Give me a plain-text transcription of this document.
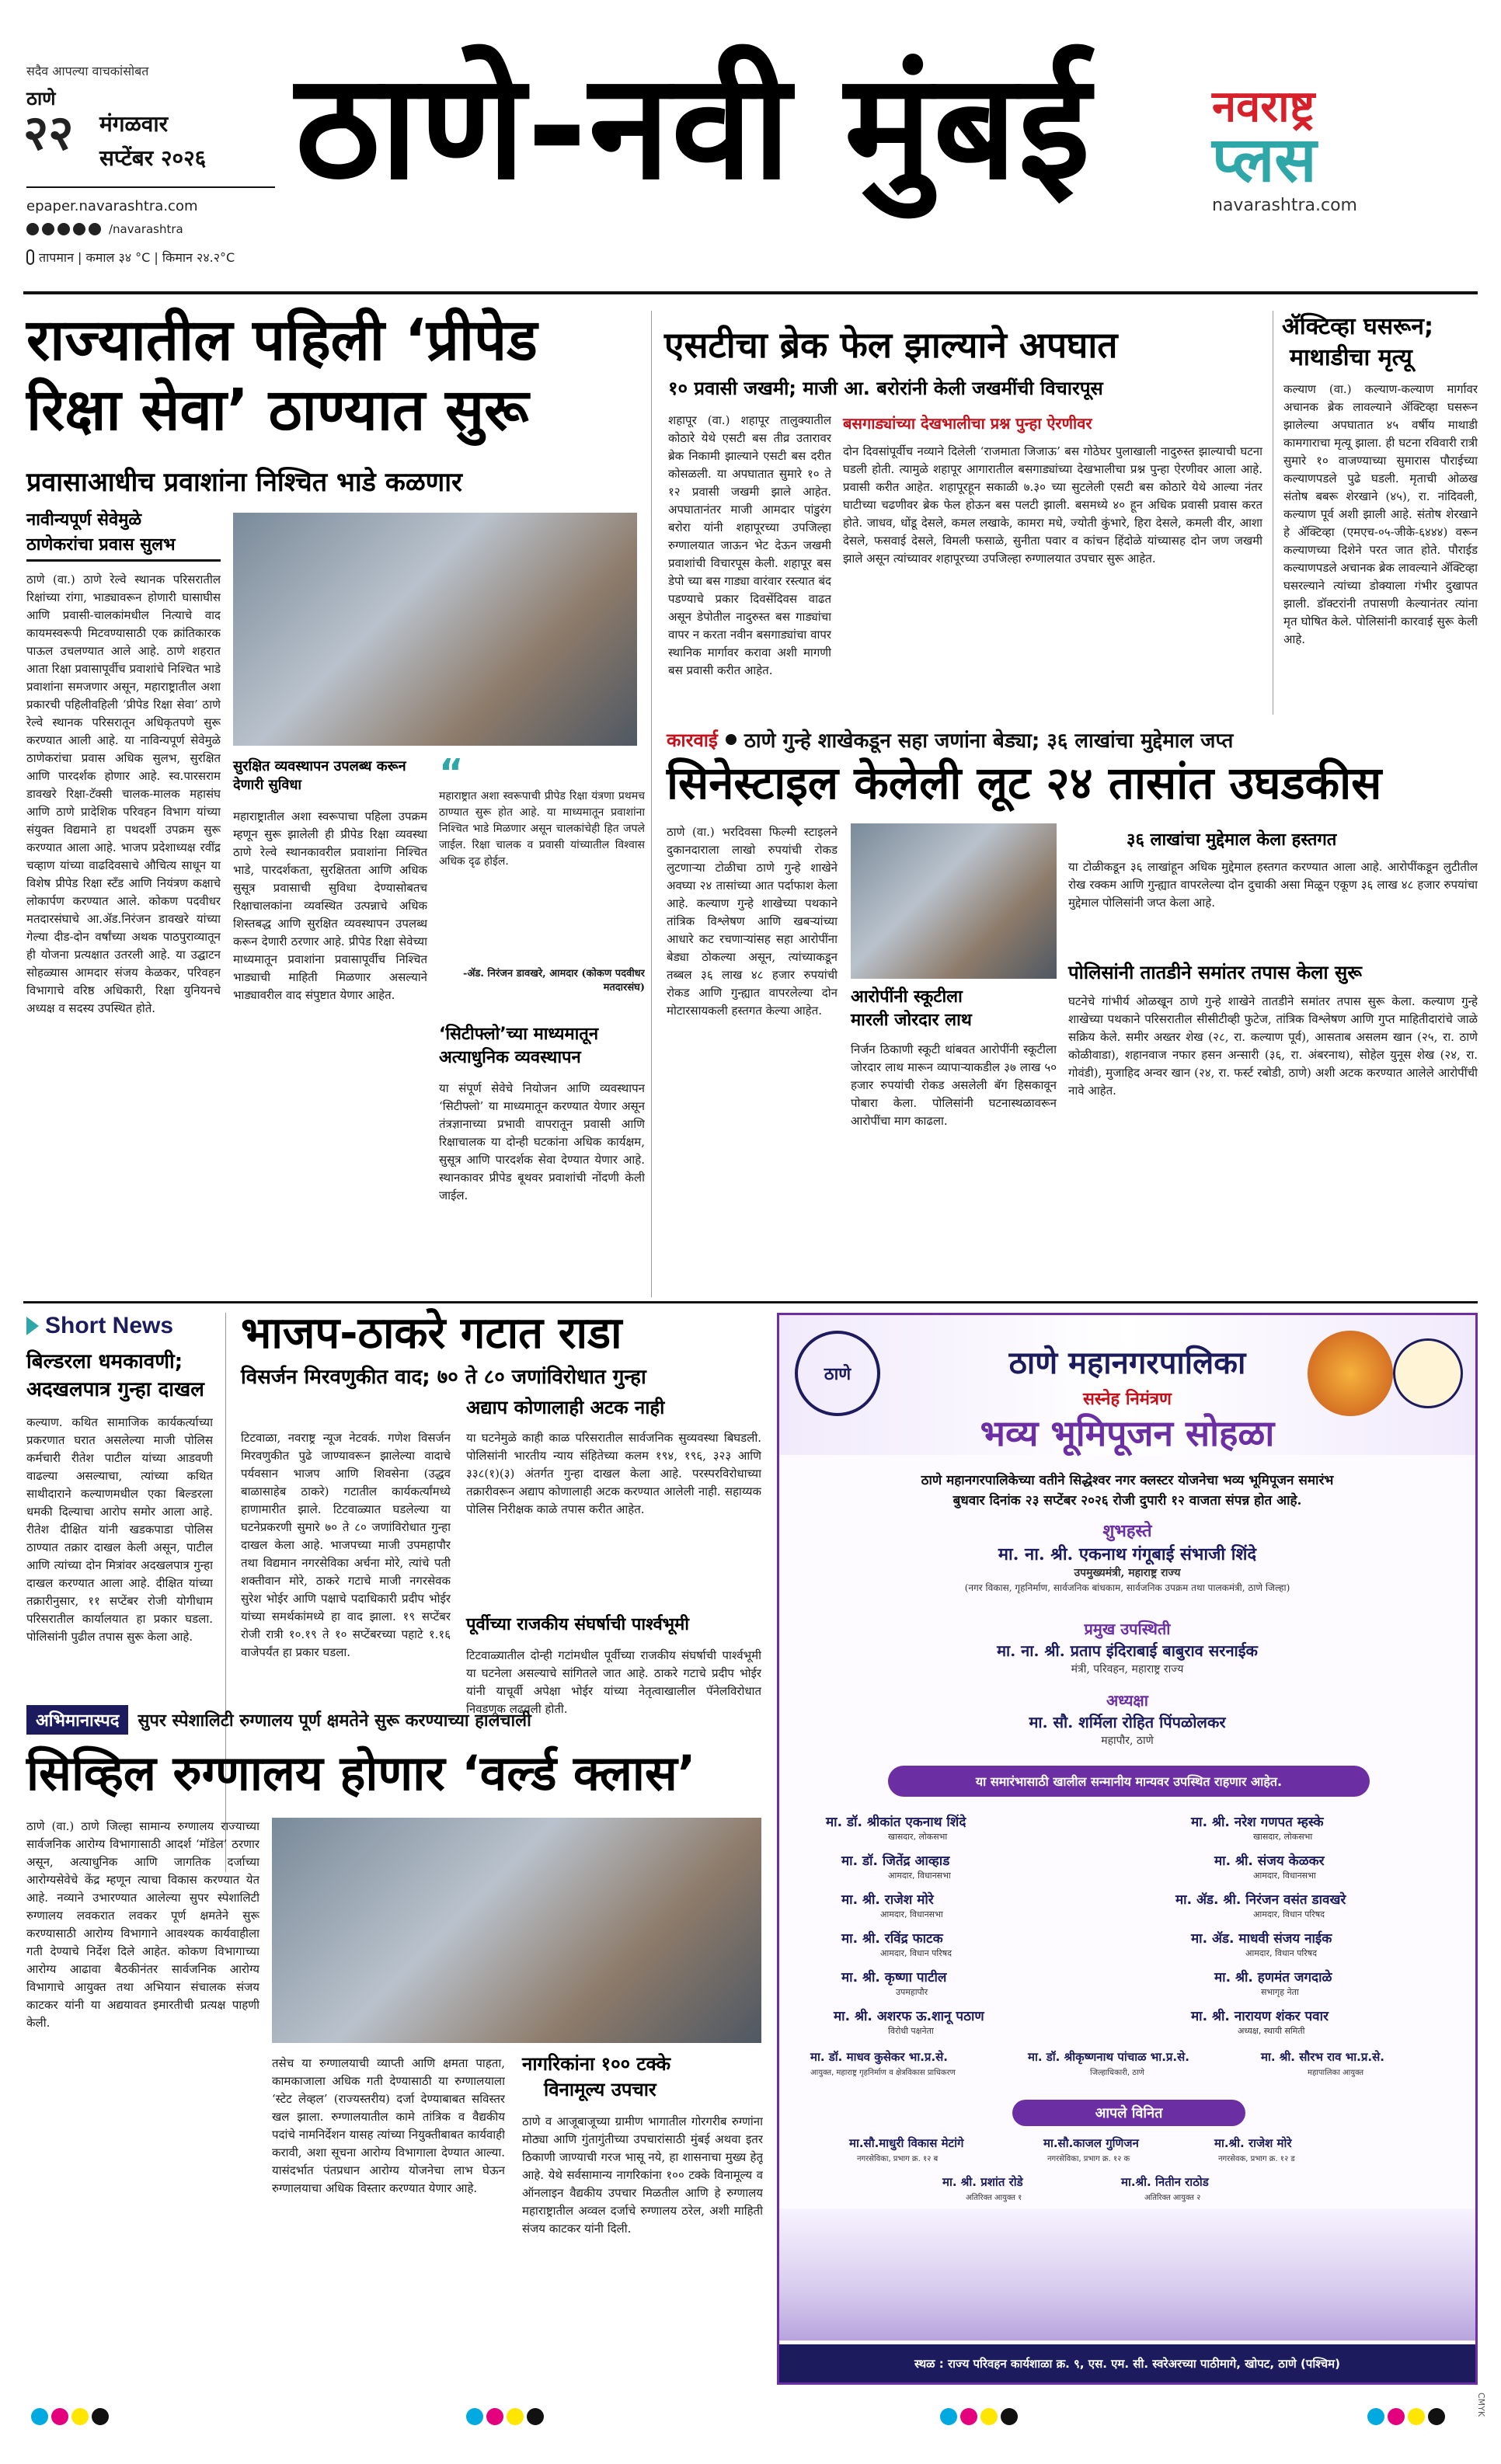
सदैव आपल्या वाचकांसोबत
ठाणे
२२ मंगळवार
सप्टेंबर २०२६
epaper.navarashtra.com
/navarashtra
तापमान | कमाल ३४ °C | किमान २४.२°C
ठाणे-नवी मुंबई	नवराष्ट्र
प्लस
navarashtra.com
राज्यातील पहिली ‘प्रीपेड
रिक्षा सेवा’ ठाण्यात सुरू
प्रवासाआधीच प्रवाशांना निश्चित भाडे कळणार
नावीन्यपूर्ण सेवेमुळे
ठाणेकरांचा प्रवास सुलभ
ठाणे (वा.) ठाणे रेल्वे स्थानक परिसरातील रिक्षांच्या रांगा, भाड्यावरून होणारी घासाघीस आणि प्रवासी-चालकांमधील नित्याचे वाद कायमस्वरूपी मिटवण्यासाठी एक क्रांतिकारक पाऊल उचलण्यात आले आहे. ठाणे शहरात आता रिक्षा प्रवासापूर्वीच प्रवाशांचे निश्चित भाडे प्रवाशांना समजणार असून, महाराष्ट्रातील अशा प्रकारची पहिलीवहिली ‘प्रीपेड रिक्षा सेवा’ ठाणे रेल्वे स्थानक परिसरातून अधिकृतपणे सुरू करण्यात आली आहे. या नाविन्यपूर्ण सेवेमुळे ठाणेकरांचा प्रवास अधिक सुलभ, सुरक्षित आणि पारदर्शक होणार आहे. स्व.पारसराम डावखरे रिक्षा-टॅक्सी चालक-मालक महासंघ आणि ठाणे प्रादेशिक परिवहन विभाग यांच्या संयुक्त विद्यमाने हा पथदर्शी उपक्रम सुरू करण्यात आला आहे. भाजप प्रदेशाध्यक्ष रवींद्र चव्हाण यांच्या वाढदिवसाचे औचित्य साधून या विशेष प्रीपेड रिक्षा स्टँड आणि नियंत्रण कक्षाचे लोकार्पण करण्यात आले. कोकण पदवीधर मतदारसंघाचे आ.ॲड.निरंजन डावखरे यांच्या गेल्या दीड-दोन वर्षांच्या अथक पाठपुराव्यातून ही योजना प्रत्यक्षात उतरली आहे. या उद्घाटन सोहळ्यास आमदार संजय केळकर, परिवहन विभागाचे वरिष्ठ अधिकारी, रिक्षा युनियनचे अध्यक्ष व सदस्य उपस्थित होते.
सुरक्षित व्यवस्थापन उपलब्ध करून देणारी सुविधा
महाराष्ट्रातील अशा स्वरूपाचा पहिला उपक्रम म्हणून सुरू झालेली ही प्रीपेड रिक्षा व्यवस्था ठाणे रेल्वे स्थानकावरील प्रवाशांना निश्चित भाडे, पारदर्शकता, सुरक्षितता आणि अधिक सुसूत्र प्रवासाची सुविधा देण्यासोबतच रिक्षाचालकांना व्यवस्थित उत्पन्नाचे अधिक शिस्तबद्ध आणि सुरक्षित व्यवस्थापन उपलब्ध करून देणारी ठरणार आहे. प्रीपेड रिक्षा सेवेच्या माध्यमातून प्रवाशांना प्रवासापूर्वीच निश्चित भाड्याची माहिती मिळणार असल्याने भाड्यावरील वाद संपुष्टात येणार आहेत.
“
महाराष्ट्रात अशा स्वरूपाची प्रीपेड रिक्षा यंत्रणा प्रथमच ठाण्यात सुरू होत आहे. या माध्यमातून प्रवाशांना निश्चित भाडे मिळणार असून चालकांचेही हित जपले जाईल. रिक्षा चालक व प्रवासी यांच्यातील विश्वास अधिक दृढ होईल.
-ॲड. निरंजन डावखरे, आमदार (कोकण पदवीधर मतदारसंघ)
‘सिटीफ्लो’च्या माध्यमातून
अत्याधुनिक व्यवस्थापन
या संपूर्ण सेवेचे नियोजन आणि व्यवस्थापन ‘सिटीफ्लो’ या माध्यमातून करण्यात येणार असून तंत्रज्ञानाच्या प्रभावी वापरातून प्रवासी आणि रिक्षाचालक या दोन्ही घटकांना अधिक कार्यक्षम, सुसूत्र आणि पारदर्शक सेवा देण्यात येणार आहे. स्थानकावर प्रीपेड बूथवर प्रवाशांची नोंदणी केली जाईल.
एसटीचा ब्रेक फेल झाल्याने अपघात
१० प्रवासी जखमी; माजी आ. बरोरांनी केली जखमींची विचारपूस
शहापूर (वा.) शहापूर तालुक्यातील कोठारे येथे एसटी बस तीव्र उतारावर ब्रेक निकामी झाल्याने एसटी बस दरीत कोसळली. या अपघातात सुमारे १० ते १२ प्रवासी जखमी झाले आहेत. अपघातानंतर माजी आमदार पांडुरंग बरोरा यांनी शहापूरच्या उपजिल्हा रुग्णालयात जाऊन भेट देऊन जखमी प्रवाशांची विचारपूस केली. शहापूर बस डेपो च्या बस गाड्या वारंवार रस्त्यात बंद पडण्याचे प्रकार दिवसेंदिवस वाढत असून डेपोतील नादुरुस्त बस गाड्यांचा वापर न करता नवीन बसगाड्यांचा वापर स्थानिक मार्गावर करावा अशी मागणी बस प्रवासी करीत आहेत.
बसगाड्यांच्या देखभालीचा प्रश्न पुन्हा ऐरणीवर
दोन दिवसांपूर्वीच नव्याने दिलेली ‘राजमाता जिजाऊ’ बस गोठेघर पुलाखाली नादुरुस्त झाल्याची घटना घडली होती. त्यामुळे शहापूर आगारातील बसगाड्यांच्या देखभालीचा प्रश्न पुन्हा ऐरणीवर आला आहे. प्रवासी करीत आहेत. शहापूरहून सकाळी ७.३० च्या सुटलेली एसटी बस कोठारे येथे आल्या नंतर घाटीच्या चढणीवर ब्रेक फेल होऊन बस पलटी झाली. बसमध्ये ४० हून अधिक प्रवासी प्रवास करत होते. जाधव, धोंडू देसले, कमल लखाके, कामरा मधे, ज्योती कुंभारे, हिरा देसले, कमली वीर, आशा देसले, फसवाई देसले, विमली फसाळे, सुनीता पवार व कांचन हिंदोळे यांच्यासह दोन जण जखमी झाले असून त्यांच्यावर शहापूरच्या उपजिल्हा रुग्णालयात उपचार सुरू आहेत.
ॲक्टिव्हा घसरून;
माथाडीचा मृत्यू
कल्याण (वा.) कल्याण-कल्याण मार्गावर अचानक ब्रेक लावल्याने ॲक्टिव्हा घसरून झालेल्या अपघातात ४५ वर्षीय माथाडी कामगाराचा मृत्यू झाला. ही घटना रविवारी रात्री सुमारे १० वाजण्याच्या सुमारास पौराईच्या कल्याणपडले पुढे घडली. मृताची ओळख संतोष बबरू शेरखाने (४५), रा. नांदिवली, कल्याण पूर्व अशी झाली आहे. संतोष शेरखाने हे ॲक्टिव्हा (एमएच-०५-जीके-६४४४) वरून कल्याणच्या दिशेने परत जात होते. पौराईड कल्याणपडले अचानक ब्रेक लावल्याने ॲक्टिव्हा घसरल्याने त्यांच्या डोक्याला गंभीर दुखापत झाली. डॉक्टरांनी तपासणी केल्यानंतर त्यांना मृत घोषित केले. पोलिसांनी कारवाई सुरू केली आहे.
कारवाई ठाणे गुन्हे शाखेकडून सहा जणांना बेड्या; ३६ लाखांचा मुद्देमाल जप्त
सिनेस्टाइल केलेली लूट २४ तासांत उघडकीस
ठाणे (वा.) भरदिवसा फिल्मी स्टाइलने दुकानदाराला लाखो रुपयांची रोकड लुटणाऱ्या टोळीचा ठाणे गुन्हे शाखेने अवघ्या २४ तासांच्या आत पर्दाफाश केला आहे. कल्याण गुन्हे शाखेच्या पथकाने तांत्रिक विश्लेषण आणि खबऱ्यांच्या आधारे कट रचणाऱ्यांसह सहा आरोपींना बेड्या ठोकल्या असून, त्यांच्याकडून तब्बल ३६ लाख ४८ हजार रुपयांची रोकड आणि गुन्ह्यात वापरलेल्या दोन मोटारसायकली हस्तगत केल्या आहेत.
आरोपींनी स्कूटीला
मारली जोरदार लाथ
निर्जन ठिकाणी स्कूटी थांबवत आरोपींनी स्कूटीला जोरदार लाथ मारून व्यापाऱ्याकडील ३७ लाख ५० हजार रुपयांची रोकड असलेली बॅग हिसकावून पोबारा केला. पोलिसांनी घटनास्थळावरून आरोपींचा माग काढला.
३६ लाखांचा मुद्देमाल केला हस्तगत
या टोळीकडून ३६ लाखांहून अधिक मुद्देमाल हस्तगत करण्यात आला आहे. आरोपींकडून लुटीतील रोख रक्कम आणि गुन्ह्यात वापरलेल्या दोन दुचाकी असा मिळून एकूण ३६ लाख ४८ हजार रुपयांचा मुद्देमाल पोलिसांनी जप्त केला आहे.
पोलिसांनी तातडीने समांतर तपास केला सुरू
घटनेचे गांभीर्य ओळखून ठाणे गुन्हे शाखेने तातडीने समांतर तपास सुरू केला. कल्याण गुन्हे शाखेच्या पथकाने परिसरातील सीसीटीव्ही फुटेज, तांत्रिक विश्लेषण आणि गुप्त माहितीदारांचे जाळे सक्रिय केले. समीर अख्तर शेख (२८, रा. कल्याण पूर्व), आसताब असलम खान (२५, रा. ठाणे कोळीवाडा), शहानवाज नफार हसन अन्सारी (३६, रा. अंबरनाथ), सोहेल युनूस शेख (२४, रा. गोवंडी), मुजाहिद अन्वर खान (२४, रा. फर्स्ट रबोडी, ठाणे) अशी अटक करण्यात आलेले आरोपींची नावे आहेत.
Short News
बिल्डरला धमकावणी;
अदखलपात्र गुन्हा दाखल
कल्याण. कथित सामाजिक कार्यकर्त्याच्या प्रकरणात घरात असलेल्या माजी पोलिस कर्मचारी रीतेश पाटील यांच्या आडवणी वाढल्या असल्याचा, त्यांच्या कथित साथीदाराने कल्याणमधील एका बिल्डरला धमकी दिल्याचा आरोप समोर आला आहे. रीतेश दीक्षित यांनी खडकपाडा पोलिस ठाण्यात तक्रार दाखल केली असून, पाटील आणि त्यांच्या दोन मित्रांवर अदखलपात्र गुन्हा दाखल करण्यात आला आहे. दीक्षित यांच्या तक्रारीनुसार, ११ सप्टेंबर रोजी योगीधाम परिसरातील कार्यालयात हा प्रकार घडला. पोलिसांनी पुढील तपास सुरू केला आहे.
भाजप-ठाकरे गटात राडा
विसर्जन मिरवणुकीत वाद; ७० ते ८० जणांविरोधात गुन्हा
अद्याप कोणालाही अटक नाही
टिटवाळा, नवराष्ट्र न्यूज नेटवर्क. गणेश विसर्जन मिरवणुकीत पुढे जाण्यावरून झालेल्या वादाचे पर्यवसान भाजप आणि शिवसेना (उद्धव बाळासाहेब ठाकरे) गटातील कार्यकर्त्यांमध्ये हाणामारीत झाले. टिटवाळ्यात घडलेल्या या घटनेप्रकरणी सुमारे ७० ते ८० जणांविरोधात गुन्हा दाखल केला आहे. भाजपच्या माजी उपमहापौर तथा विद्यमान नगरसेविका अर्चना मोरे, त्यांचे पती शक्तीवान मोरे, ठाकरे गटाचे माजी नगरसेवक सुरेश भोईर आणि पक्षाचे पदाधिकारी प्रदीप भोईर यांच्या समर्थकांमध्ये हा वाद झाला. १९ सप्टेंबर रोजी रात्री १०.१९ ते १० सप्टेंबरच्या पहाटे १.१६ वाजेपर्यंत हा प्रकार घडला.
या घटनेमुळे काही काळ परिसरातील सार्वजनिक सुव्यवस्था बिघडली. पोलिसांनी भारतीय न्याय संहितेच्या कलम १९४, १९६, ३२३ आणि ३३८(१)(३) अंतर्गत गुन्हा दाखल केला आहे. परस्परविरोधाच्या तक्रारीवरून अद्याप कोणालाही अटक करण्यात आलेली नाही. सहाय्यक पोलिस निरीक्षक काळे तपास करीत आहेत.
पूर्वीच्या राजकीय संघर्षाची पार्श्वभूमी
टिटवाळ्यातील दोन्ही गटांमधील पूर्वीच्या राजकीय संघर्षाची पार्श्वभूमी या घटनेला असल्याचे सांगितले जात आहे. ठाकरे गटाचे प्रदीप भोईर यांनी याचूर्वी अपेक्षा भोईर यांच्या नेतृत्वाखालील पॅनेलविरोधात निवडणूक लढवली होती.
अभिमानास्पद	सुपर स्पेशालिटी रुग्णालय पूर्ण क्षमतेने सुरू करण्याच्या हालचाली
सिव्हिल रुग्णालय होणार ‘वर्ल्ड क्लास’
ठाणे (वा.) ठाणे जिल्हा सामान्य रुग्णालय राज्याच्या सार्वजनिक आरोग्य विभागासाठी आदर्श ‘मॉडेल’ ठरणार असून, अत्याधुनिक आणि जागतिक दर्जाच्या आरोग्यसेवेचे केंद्र म्हणून त्याचा विकास करण्यात येत आहे. नव्याने उभारण्यात आलेल्या सुपर स्पेशालिटी रुग्णालय लवकरात लवकर पूर्ण क्षमतेने सुरू करण्यासाठी आरोग्य विभागाने आवश्यक कार्यवाहीला गती देण्याचे निर्देश दिले आहेत. कोकण विभागाच्या आरोग्य आढावा बैठकीनंतर सार्वजनिक आरोग्य विभागाचे आयुक्त तथा अभियान संचालक संजय काटकर यांनी या अद्ययावत इमारतीची प्रत्यक्ष पाहणी केली.
तसेच या रुग्णालयाची व्याप्ती आणि क्षमता पाहता, कामकाजाला अधिक गती देण्यासाठी या रुग्णालयाला ‘स्टेट लेव्हल’ (राज्यस्तरीय) दर्जा देण्याबाबत सविस्तर खल झाला. रुग्णालयातील कामे तांत्रिक व वैद्यकीय पदांचे नामनिर्देशन यासह त्यांच्या नियुक्तीबाबत कार्यवाही करावी, अशा सूचना आरोग्य विभागाला देण्यात आल्या. यासंदर्भात पंतप्रधान आरोग्य योजनेचा लाभ घेऊन रुग्णालयाचा अधिक विस्तार करण्यात येणार आहे.
नागरिकांना १०० टक्के
विनामूल्य उपचार
ठाणे व आजूबाजूच्या ग्रामीण भागातील गोरगरीब रुग्णांना मोठ्या आणि गुंतागुंतीच्या उपचारांसाठी मुंबई अथवा इतर ठिकाणी जाण्याची गरज भासू नये, हा शासनाचा मुख्य हेतू आहे. येथे सर्वसामान्य नागरिकांना १०० टक्के विनामूल्य व ऑनलाइन वैद्यकीय उपचार मिळतील आणि हे रुग्णालय महाराष्ट्रातील अव्वल दर्जाचे रुग्णालय ठरेल, अशी माहिती संजय काटकर यांनी दिली.
ठाणे	ठाणे महानगरपालिका
सस्नेह निमंत्रण
भव्य भूमिपूजन सोहळा
ठाणे महानगरपालिकेच्या वतीने सिद्धेश्वर नगर क्लस्टर योजनेचा भव्य भूमिपूजन समारंभ
बुधवार दिनांक २३ सप्टेंबर २०२६ रोजी दुपारी १२ वाजता संपन्न होत आहे.
शुभहस्ते
मा. ना. श्री. एकनाथ गंगूबाई संभाजी शिंदे
उपमुख्यमंत्री, महाराष्ट्र राज्य
(नगर विकास, गृहनिर्माण, सार्वजनिक बांधकाम, सार्वजनिक उपक्रम तथा पालकमंत्री, ठाणे जिल्हा)
प्रमुख उपस्थिती
मा. ना. श्री. प्रताप इंदिराबाई बाबुराव सरनाईक
मंत्री, परिवहन, महाराष्ट्र राज्य
अध्यक्षा
मा. सौ. शर्मिला रोहित पिंपळोलकर
महापौर, ठाणे
या समारंभासाठी खालील सन्मानीय मान्यवर उपस्थित राहणार आहेत.
मा. डॉ. श्रीकांत एकनाथ शिंदे
खासदार, लोकसभा
मा. श्री. नरेश गणपत म्हस्के
खासदार, लोकसभा
मा. डॉ. जितेंद्र आव्हाड
आमदार, विधानसभा
मा. श्री. संजय केळकर
आमदार, विधानसभा
मा. श्री. राजेश मोरे
आमदार, विधानसभा
मा. ॲड. श्री. निरंजन वसंत डावखरे
आमदार, विधान परिषद
मा. श्री. रविंद्र फाटक
आमदार, विधान परिषद
मा. ॲड. माधवी संजय नाईक
आमदार, विधान परिषद
मा. श्री. कृष्णा पाटील
उपमहापौर
मा. श्री. हणमंत जगदाळे
सभागृह नेता
मा. श्री. अशरफ ऊ.शानू पठाण
विरोधी पक्षनेता
मा. श्री. नारायण शंकर पवार
अध्यक्ष, स्थायी समिती
मा. डॉ. माधव कुसेकर भा.प्र.से.
आयुक्त, महाराष्ट्र गृहनिर्माण व क्षेत्रविकास प्राधिकरण
मा. डॉ. श्रीकृष्णनाथ पांचाळ भा.प्र.से.
जिल्हाधिकारी, ठाणे
मा. श्री. सौरभ राव भा.प्र.से.
महापालिका आयुक्त
आपले विनित
मा.सौ.माधुरी विकास मेटांगे
नगरसेविका, प्रभाग क्र. १२ ब
मा.सौ.काजल गुणिजन
नगरसेविका, प्रभाग क्र. १२ क
मा.श्री. राजेश मोरे
नगरसेवक, प्रभाग क्र. १२ ड
मा. श्री. प्रशांत रोडे
अतिरिक्त आयुक्त १
मा.श्री. नितीन राठोड
अतिरिक्त आयुक्त २
स्थळ : राज्य परिवहन कार्यशाळा क्र. ९, एस. एम. सी. स्वरेअरच्या पाठीमागे, खोपट, ठाणे (पश्चिम)
CMYK
